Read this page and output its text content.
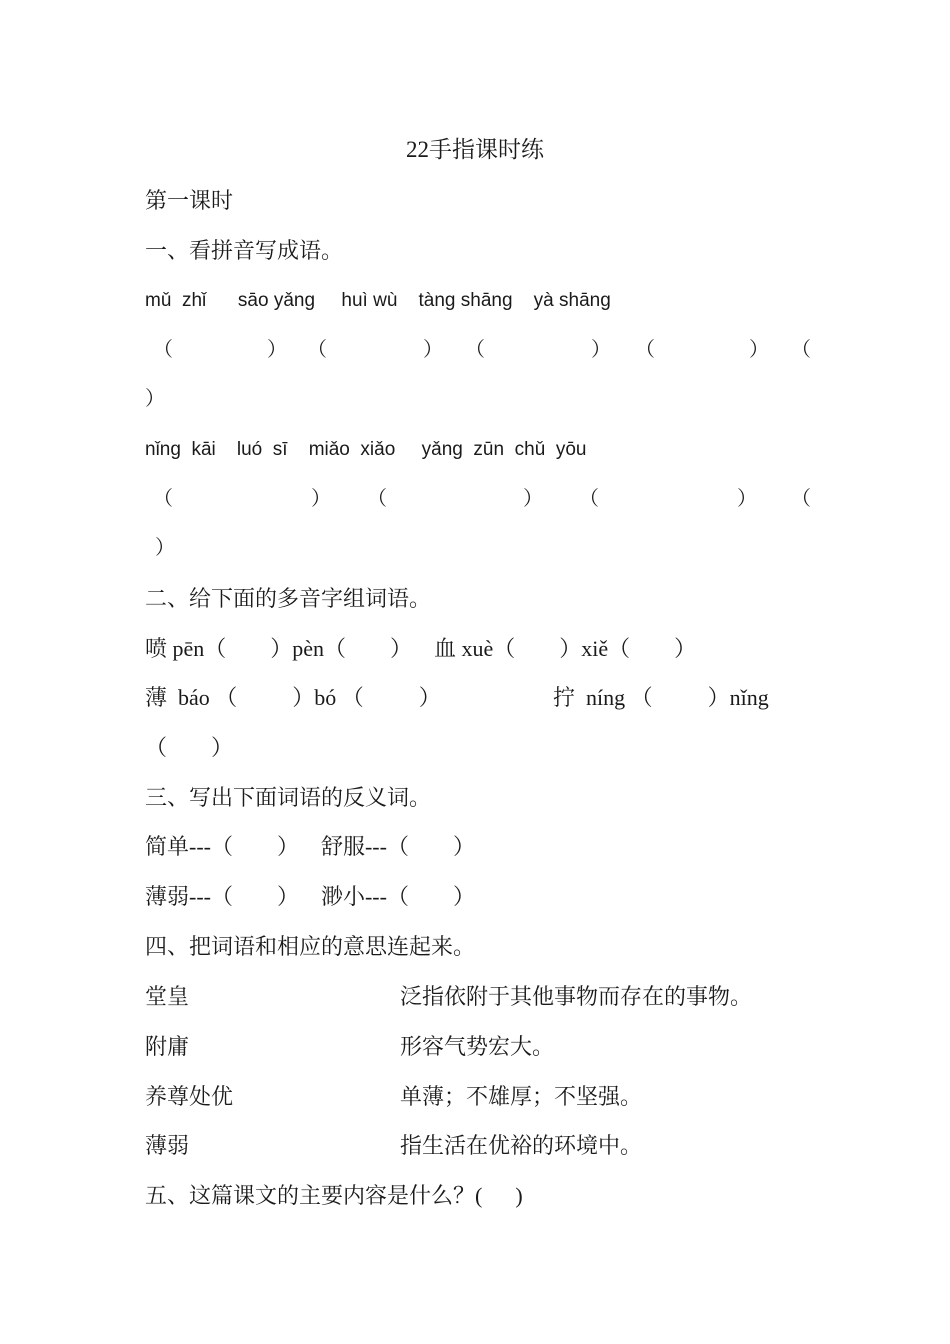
22手指课时练
第一课时
一、看拼音写成语。
mǔ  zhǐ      sāo yǎng     huì wù    tàng shāng    yà shāng
（	） （	） （	） （	） （
）
nǐng  kāi    luó  sī    miǎo  xiǎo     yǎng  zūn  chǔ  yōu
（	） （	） （	） （
）
二、给下面的多音字组词语。
喷 pēn（        ）pèn（        ）    血 xuè（        ）xiě（        ）
薄  báo （          ）bó （          ）	拧  níng （          ）nǐng
（        ）
三、写出下面词语的反义词。
简单---（        ）    舒服---（        ）
薄弱---（        ）    渺小---（        ）
四、把词语和相应的意思连起来。
堂皇	泛指依附于其他事物而存在的事物。
附庸	形容气势宏大。
养尊处优	单薄；不雄厚；不坚强。
薄弱	指生活在优裕的环境中。
五、这篇课文的主要内容是什么？(      )
